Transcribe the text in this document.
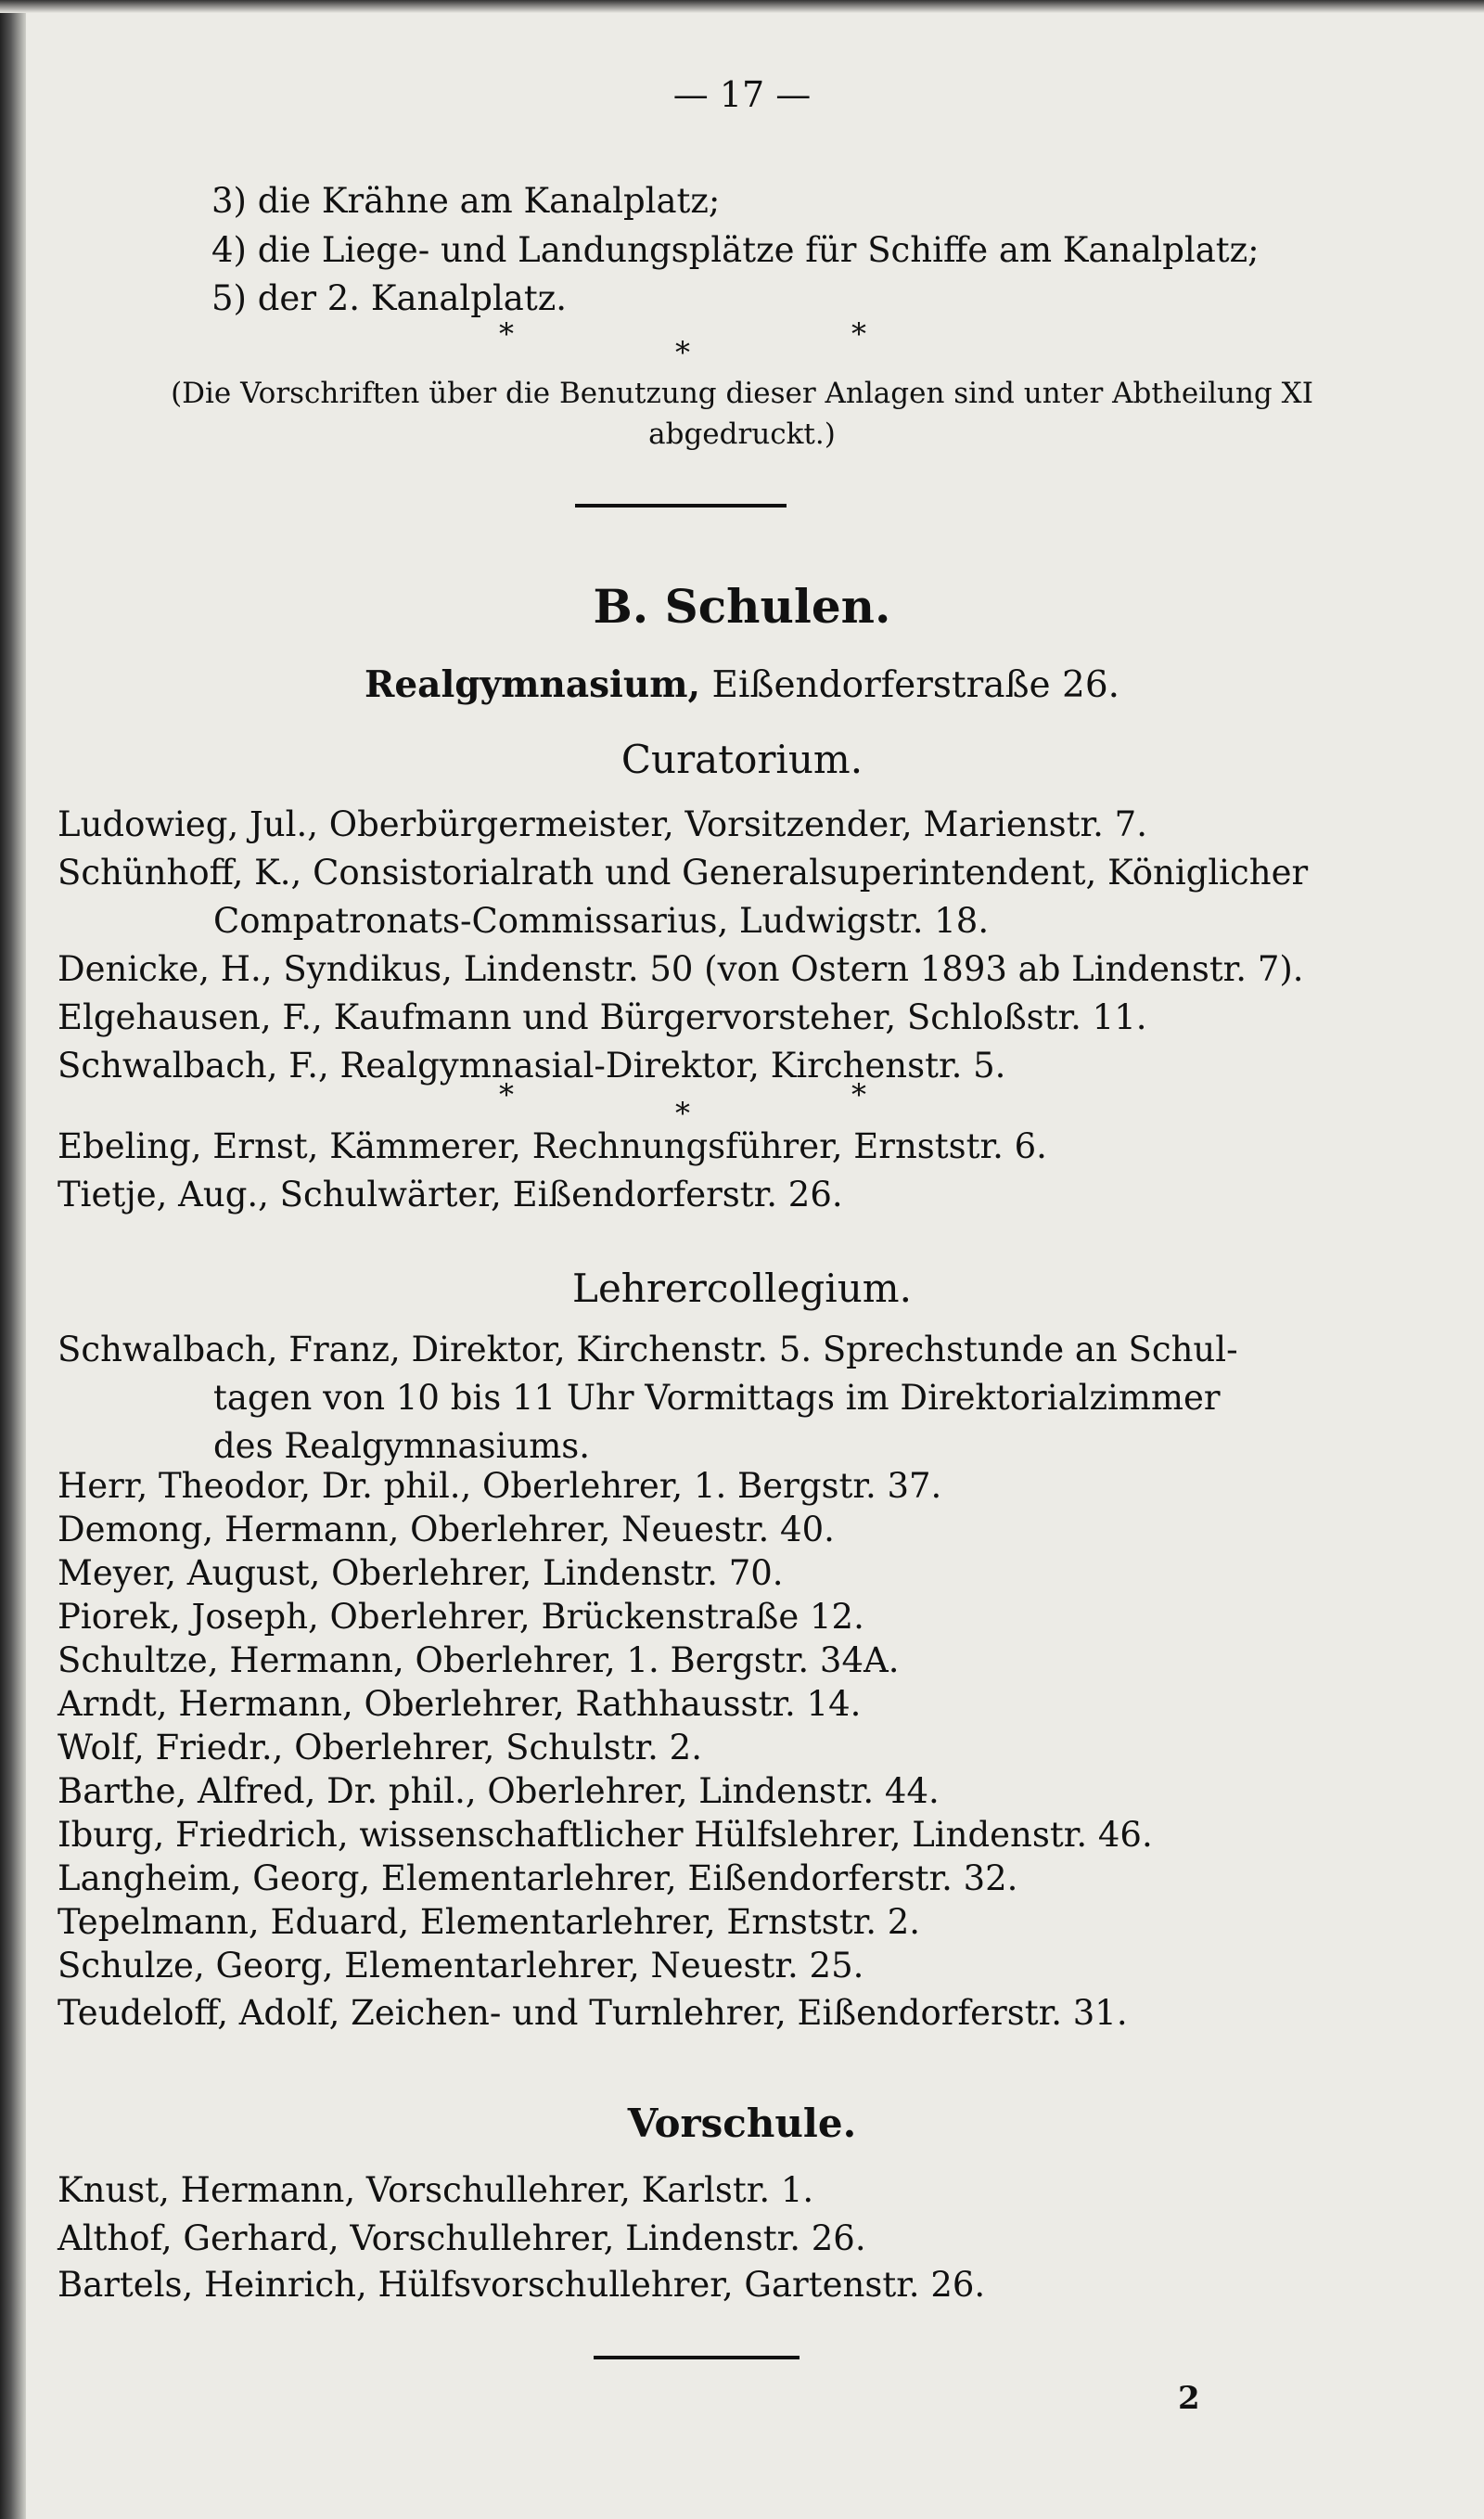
— 17 —
3) die Krähne am Kanalplatz;
4) die Liege- und Landungsplätze für Schiffe am Kanalplatz;
5) der 2. Kanalplatz.
*
*
*
(Die Vorschriften über die Benutzung dieser Anlagen sind unter Abtheilung XI
abgedruckt.)
B. Schulen.
Realgymnasium, Eißendorferstraße 26.
Curatorium.
Ludowieg, Jul., Oberbürgermeister, Vorsitzender, Marienstr. 7.
Schünhoff, K., Consistorialrath und Generalsuperintendent, Königlicher
Compatronats-Commissarius, Ludwigstr. 18.
Denicke, H., Syndikus, Lindenstr. 50 (von Ostern 1893 ab Lindenstr. 7).
Elgehausen, F., Kaufmann und Bürgervorsteher, Schloßstr. 11.
Schwalbach, F., Realgymnasial-Direktor, Kirchenstr. 5.
*
*
*
Ebeling, Ernst, Kämmerer, Rechnungsführer, Ernststr. 6.
Tietje, Aug., Schulwärter, Eißendorferstr. 26.
Lehrercollegium.
Schwalbach, Franz, Direktor, Kirchenstr. 5. Sprechstunde an Schul-
tagen von 10 bis 11 Uhr Vormittags im Direktorialzimmer
des Realgymnasiums.
Herr, Theodor, Dr. phil., Oberlehrer, 1. Bergstr. 37.
Demong, Hermann, Oberlehrer, Neuestr. 40.
Meyer, August, Oberlehrer, Lindenstr. 70.
Piorek, Joseph, Oberlehrer, Brückenstraße 12.
Schultze, Hermann, Oberlehrer, 1. Bergstr. 34A.
Arndt, Hermann, Oberlehrer, Rathhausstr. 14.
Wolf, Friedr., Oberlehrer, Schulstr. 2.
Barthe, Alfred, Dr. phil., Oberlehrer, Lindenstr. 44.
Iburg, Friedrich, wissenschaftlicher Hülfslehrer, Lindenstr. 46.
Langheim, Georg, Elementarlehrer, Eißendorferstr. 32.
Tepelmann, Eduard, Elementarlehrer, Ernststr. 2.
Schulze, Georg, Elementarlehrer, Neuestr. 25.
Teudeloff, Adolf, Zeichen- und Turnlehrer, Eißendorferstr. 31.
Vorschule.
Knust, Hermann, Vorschullehrer, Karlstr. 1.
Althof, Gerhard, Vorschullehrer, Lindenstr. 26.
Bartels, Heinrich, Hülfsvorschullehrer, Gartenstr. 26.
2
